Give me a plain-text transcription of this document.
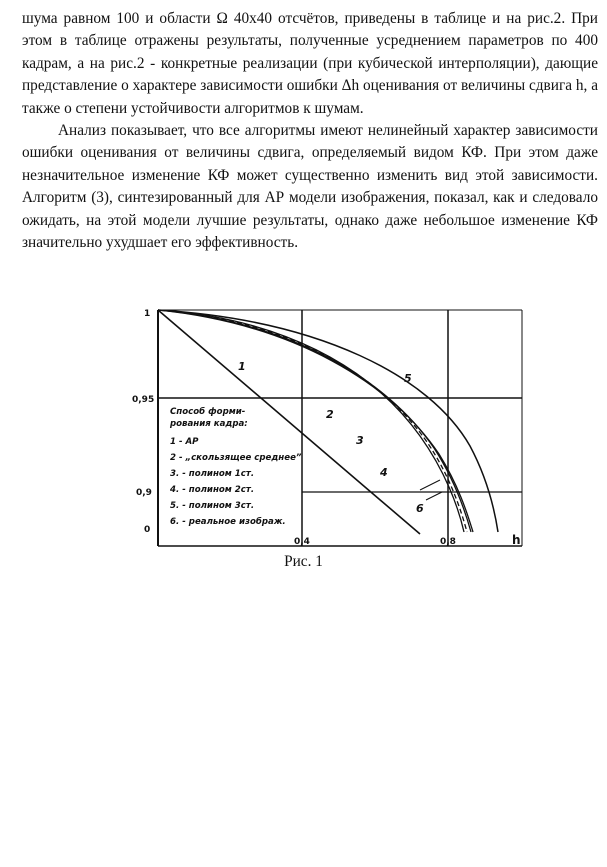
шума равном 100 и области Ω 40х40 отсчётов, приведены в таблице и на рис.2. При этом в таблице отражены результаты, полученные усреднением параметров по 400 кадрам, а на рис.2 - конкретные реализации (при кубической интерполяции), дающие представление о характере зависимости ошибки Δh оценивания от величины сдвига h, а также о степени устойчивости алгоритмов к шумам.

Анализ показывает, что все алгоритмы имеют нелинейный характер зависимости ошибки оценивания от величины сдвига, определяемый видом КФ. При этом даже незначительное изменение КФ может существенно изменить вид этой зависимости. Алгоритм (3), синтезированный для АР модели изображения, показал, как и следовало ожидать, на этой модели лучшие результаты, однако даже небольшое изменение КФ значительно ухудшает его эффективность.

1
0,95
0,9
0
0,4	0,8	h
1
2
3
4
5
6
Способ форми-
рования кадра:
1 - АР
2 - „скользящее среднее”
3. - полином 1ст.
4. - полином 2ст.
5. - полином 3ст.
6. - реальное изображ.
Рис. 1
